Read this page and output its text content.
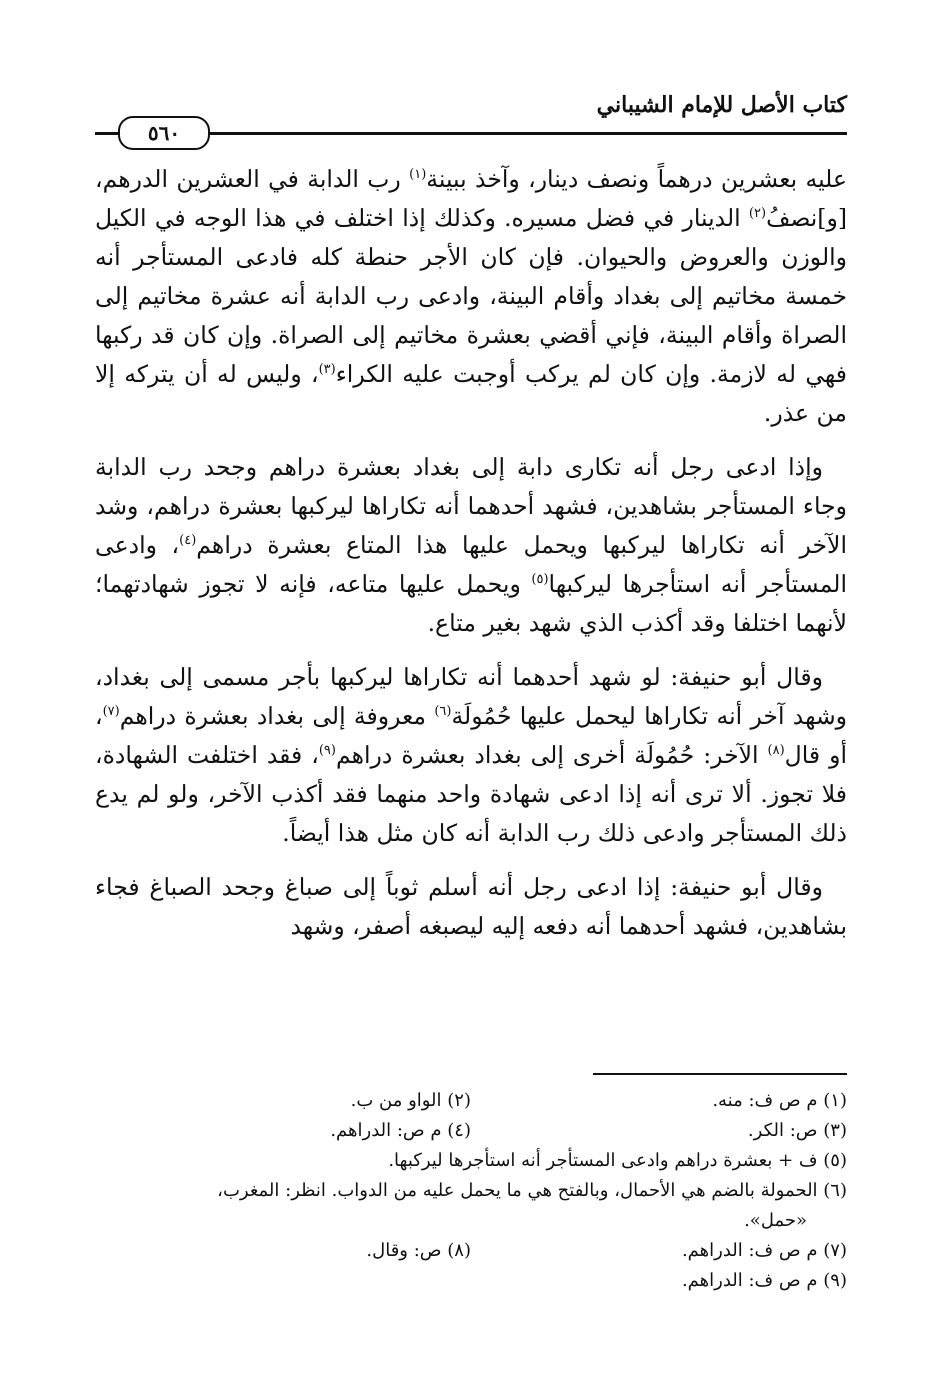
كتاب الأصل للإمام الشيباني
٥٦٠

عليه بعشرين درهماً ونصف دينار، وآخذ ببينة$^{(١)}$ رب الدابة في العشرين الدرهم، [و]نصفُ$^{(٢)}$ الدينار في فضل مسيره. وكذلك إذا اختلف في هذا الوجه في الكيل والوزن والعروض والحيوان. فإن كان الأجر حنطة كله فادعى المستأجر أنه خمسة مخاتيم إلى بغداد وأقام البينة، وادعى رب الدابة أنه عشرة مخاتيم إلى الصراة وأقام البينة، فإني أقضي بعشرة مخاتيم إلى الصراة. وإن كان قد ركبها فهي له لازمة. وإن كان لم يركب أوجبت عليه الكراء$^{(٣)}$، وليس له أن يتركه إلا من عذر.

وإذا ادعى رجل أنه تكارى دابة إلى بغداد بعشرة دراهم وجحد رب الدابة وجاء المستأجر بشاهدين، فشهد أحدهما أنه تكاراها ليركبها بعشرة دراهم، وشد الآخر أنه تكاراها ليركبها ويحمل عليها هذا المتاع بعشرة دراهم$^{(٤)}$، وادعى المستأجر أنه استأجرها ليركبها$^{(٥)}$ ويحمل عليها متاعه، فإنه لا تجوز شهادتهما؛ لأنهما اختلفا وقد أكذب الذي شهد بغير متاع.

وقال أبو حنيفة: لو شهد أحدهما أنه تكاراها ليركبها بأجر مسمى إلى بغداد، وشهد آخر أنه تكاراها ليحمل عليها حُمُولَة$^{(٦)}$ معروفة إلى بغداد بعشرة دراهم$^{(٧)}$، أو قال$^{(٨)}$ الآخر: حُمُولَة أخرى إلى بغداد بعشرة دراهم$^{(٩)}$، فقد اختلفت الشهادة، فلا تجوز. ألا ترى أنه إذا ادعى شهادة واحد منهما فقد أكذب الآخر، ولو لم يدع ذلك المستأجر وادعى ذلك رب الدابة أنه كان مثل هذا أيضاً.

وقال أبو حنيفة: إذا ادعى رجل أنه أسلم ثوباً إلى صباغ وجحد الصباغ فجاء بشاهدين، فشهد أحدهما أنه دفعه إليه ليصبغه أصفر، وشهد

(١) م ص ف: منه.
(٢) الواو من ب.
(٣) ص: الكر.
(٤) م ص: الدراهم.
(٥) ف + بعشرة دراهم وادعى المستأجر أنه استأجرها ليركبها.
(٦) الحمولة بالضم هي الأحمال، وبالفتح هي ما يحمل عليه من الدواب. انظر: المغرب،
«حمل».
(٧) م ص ف: الدراهم.
(٨) ص: وقال.
(٩) م ص ف: الدراهم.
